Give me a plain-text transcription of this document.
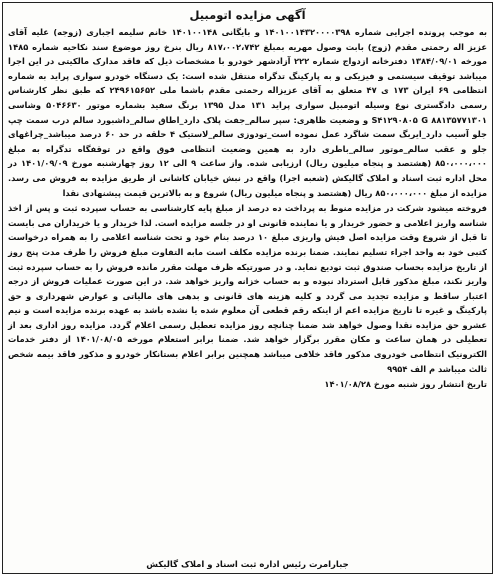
آگهی مزایده اتومبیل

به موجب پرونده اجرایی شماره ۱۴۰۱۰۰۱۴۳۲۰۰۰۰۳۹۸ و بایگانی ۱۴۰۱۰۰۱۴۸ خانم سلیمه اجباری (زوجه) علیه آقای عزیز اله رحمتی مقدم (زوج) بابت وصول مهریه بمبلغ ۸۱۷،۰۰۲،۷۴۲ ریال بنرخ روز موضوع سند نکاحیه شماره ۱۴۸۵ مورخه ۱۳۸۴/۰۹/۰۱ دفترخانه ازدواج شماره ۲۲۲ آزادشهر خودرو با مشخصات ذیل که فاقد مدارک مالکیتی در این اجرا میباشد توقیف سیستمی و فیزیکی و به پارکینگ تدگراه منتقل شده است: یک دستگاه خودرو سواری پراید به شماره انتظامی ۶۹ ایران ۱۷۳ ی ۴۷ متعلق به آقای عزیزاله رحمتی مقدم باشما ملی ۲۴۹۶۱۵۶۵۲ که طبق نظر کارشناس رسمی دادگستری نوع وسیله اتومبیل سواری پراید ۱۳۱ مدل ۱۳۹۵ برنگ سفید بشماره موتور ۵۰۴۶۶۳۰ وشاسی ۸۸۱۳۵۷۷۱۳۰۱ S۴۱۲۹۰۸۰۵ G و وضعیت ظاهری: سپر سالم_جفت پلاک دارد_اطاق سالم_داشبورد سالم درب سمت چپ جلو آسیب دارد_ایربگ سمت شاگرد عمل نموده است_تودوزی سالم_لاستیک ۴ حلقه در حد ۶۰ درصد میباشد_چراغهای جلو و عقب سالم_موتور سالم_باطری دارد به همین وضعیت انتظامی فوق واقع در توقفگاه تدگراه به مبلغ ۸۵۰،۰۰۰،۰۰۰ (هشتصد و پنجاه میلیون ریال) ارزیابی شده. واز ساعت ۹ الی ۱۲ روز چهارشنبه مورخ ۱۴۰۱/۰۹/۰۹ در محل اداره ثبت اسناد و املاک گالیکش (شعبه اجرا) واقع در نبش خیابان کاشانی از طریق مزایده به فروش می رسد. مزایده از مبلغ ۸۵۰،۰۰۰،۰۰۰ ریال (هشتصد و پنجاه میلیون ریال) شروع و به بالاترین قیمت پیشنهادی نقدا

فروخته میشود شرکت در مزایده منوط به پرداخت ده درصد از مبلغ پایه کارشناسی به حساب سپرده ثبت و پس از اخذ شناسه واریز اعلامی و حضور خریدار و یا نماینده قانونی او در جلسه مزایده است. لذا خریدار و یا خریداران می بایست تا قبل از شروع وقت مزایده اصل فیش واریزی مبلغ ۱۰ درصد بنام خود و تحت شناسه اعلامی را به همراه درخواست کتبی خود به واحد اجراء تسلیم نمایند. ضمنا برنده مزایده مکلف است مابه التفاوت مبلغ فروش را ظرف مدت پنج روز از تاریخ مزایده بحساب صندوق ثبت تودیع نماید. و در صورتیکه ظرف مهلت مقرر مانده فروش را به حساب سپرده ثبت واریز نکند، مبلغ مذکور قابل استرداد نبوده و به حساب خزانه واریز خواهد شد. در این صورت عملیات فروش از درجه اعتبار ساقط و مزایده تجدید می گردد و کلیه هزینه های قانونی و بدهی های مالیاتی و عوارض شهرداری و حق پارکینگ و غیره تا تاریخ مزایده اعم از اینکه رقم قطعی آن معلوم شده یا نشده باشد به عهده برنده مزایده است و نیم عشرو حق مزایده نقدا وصول خواهد شد ضمنا چنانچه روز مزایده تعطیل رسمی اعلام گردد. مزایده روز اداری بعد از تعطیلی در همان ساعت و مکان مقرر برگزار خواهد شد. ضمنا برابر استعلام مورخه ۱۴۰۱/۰۸/۰۵ از دفتر خدمات الکترونیک انتظامی خودروی مذکور فاقد خلافی میباشد همچنین برابر اعلام بستانکار خودرو و مذکور فاقد بیمه شخص ثالث میباشد م الف ۹۹۵۴

تاریخ انتشار روز شنبه مورخ ۱۴۰۱/۰۸/۲۸

جبارامرت رئیس اداره ثبت اسناد و املاک گالیکش
